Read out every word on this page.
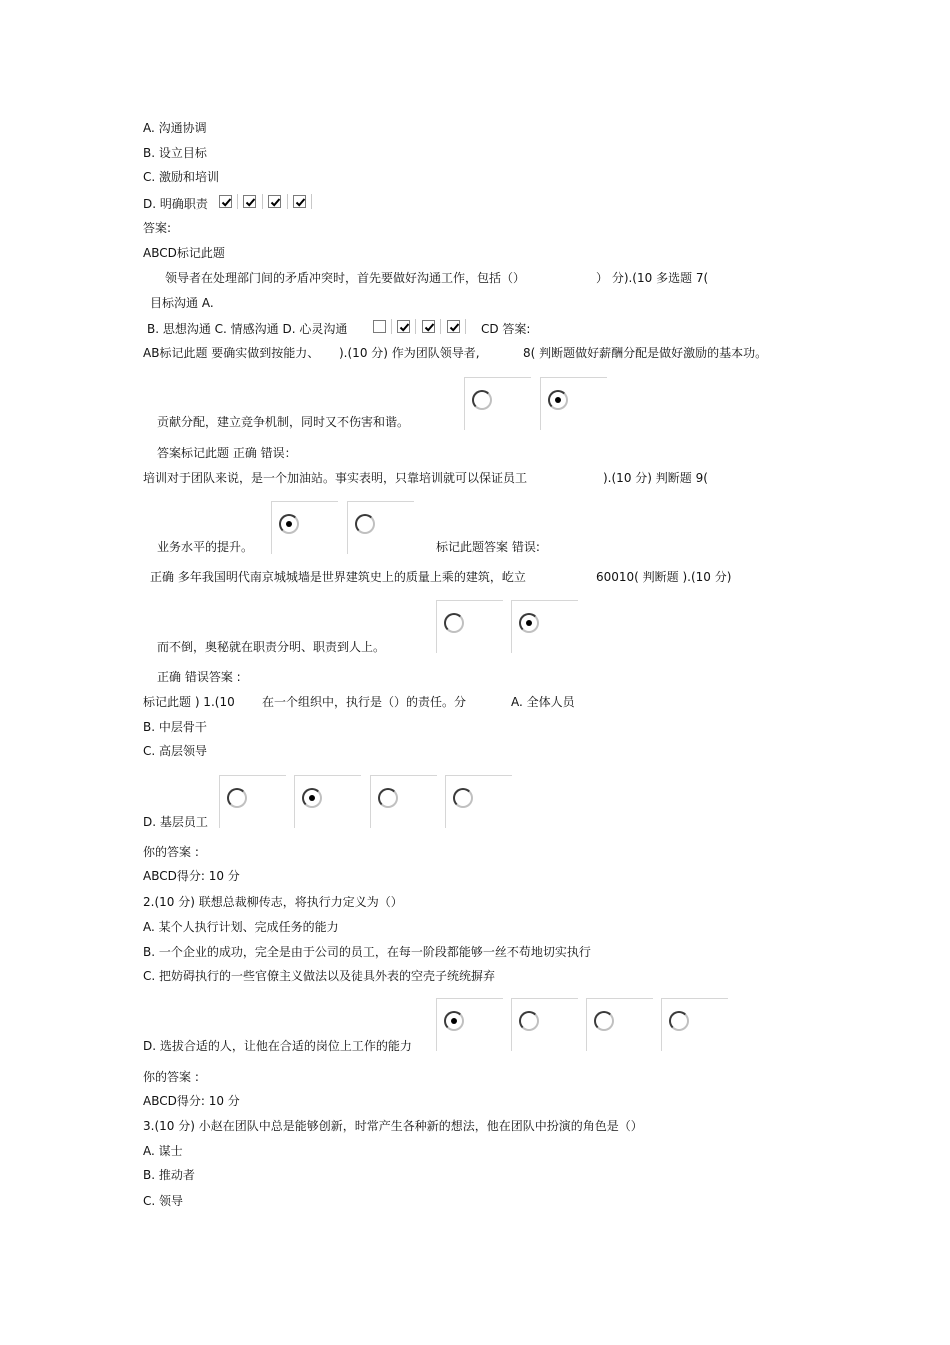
A. 沟通协调
B. 设立目标
C. 激励和培训
D. 明确职责
答案:
ABCD标记此题
领导者在处理部门间的矛盾冲突时，首先要做好沟通工作，包括（）	） 分).(10 多选题 7(
目标沟通 A.
B. 思想沟通 C. 情感沟通 D. 心灵沟通	CD 答案:
AB标记此题 要确实做到按能力、 ).(10 分) 作为团队领导者,	8( 判断题做好薪酬分配是做好激励的基本功。
贡献分配，建立竞争机制，同时又不伤害和谐。
答案标记此题 正确 错误：
培训对于团队来说，是一个加油站。事实表明，只靠培训就可以保证员工	).(10 分) 判断题 9(
业务水平的提升。	标记此题答案 错误:
正确 多年我国明代南京城城墙是世界建筑史上的质量上乘的建筑，屹立	60010( 判断题 ).(10 分)
而不倒，奥秘就在职责分明、职责到人上。
正确 错误答案 :
标记此题 ) 1.(10 在一个组织中，执行是（）的责任。分	A. 全体人员
B. 中层骨干
C. 高层领导
D. 基层员工
你的答案 :
ABCD得分: 10 分
2.(10 分) 联想总裁柳传志，将执行力定义为（）
A. 某个人执行计划、完成任务的能力
B. 一个企业的成功，完全是由于公司的员工，在每一阶段都能够一丝不苟地切实执行
C. 把妨碍执行的一些官僚主义做法以及徒具外表的空壳子统统摒弃
D. 选拔合适的人，让他在合适的岗位上工作的能力
你的答案 :
ABCD得分: 10 分
3.(10 分) 小赵在团队中总是能够创新，时常产生各种新的想法，他在团队中扮演的角色是（）
A. 谋士
B. 推动者
C. 领导
